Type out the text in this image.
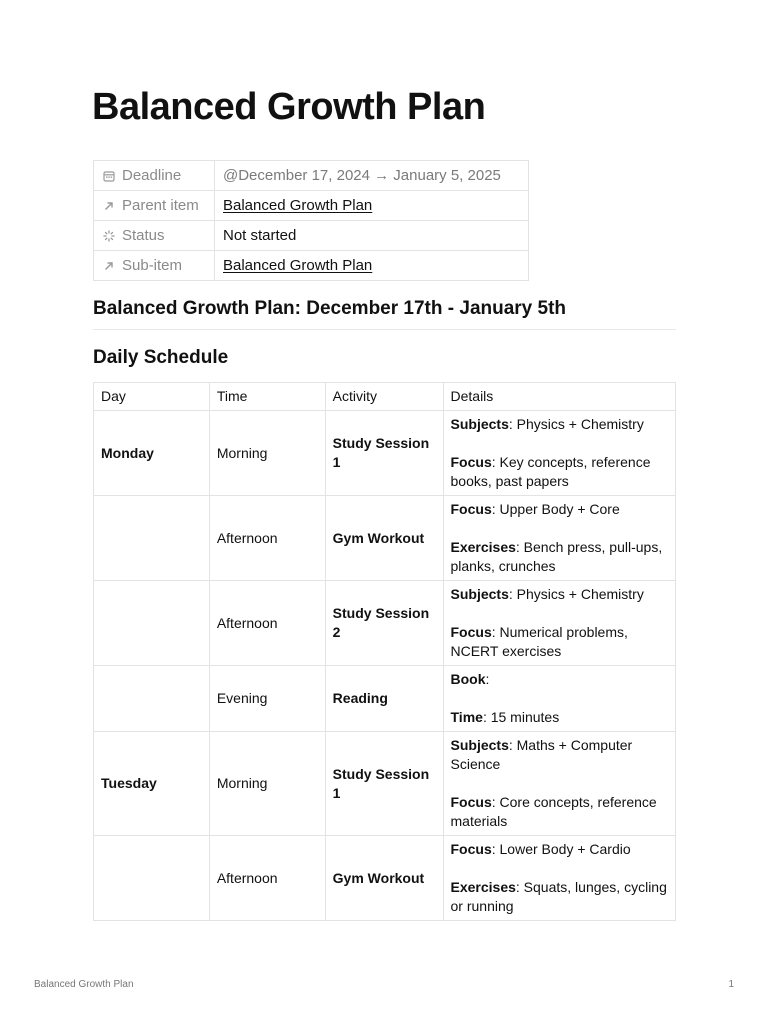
Balanced Growth Plan
Deadline	@December 17, 2024 → January 5, 2025
Parent item	Balanced Growth Plan
Status	Not started
Sub-item	Balanced Growth Plan
Balanced Growth Plan: December 17th - January 5th
Daily Schedule
Day	Time	Activity	Details
Monday	Morning	Study Session 1	Subjects: Physics + Chemistry
Focus: Key concepts, reference books, past papers

	Afternoon	Gym Workout	Focus: Upper Body + Core
Exercises: Bench press, pull-ups, planks, crunches

	Afternoon	Study Session 2	Subjects: Physics + Chemistry
Focus: Numerical problems, NCERT exercises

	Evening	Reading	Book:
Time: 15 minutes

Tuesday	Morning	Study Session 1	Subjects: Maths + Computer Science
Focus: Core concepts, reference materials

	Afternoon	Gym Workout	Focus: Lower Body + Cardio
Exercises: Squats, lunges, cycling or running
Balanced Growth Plan	1
